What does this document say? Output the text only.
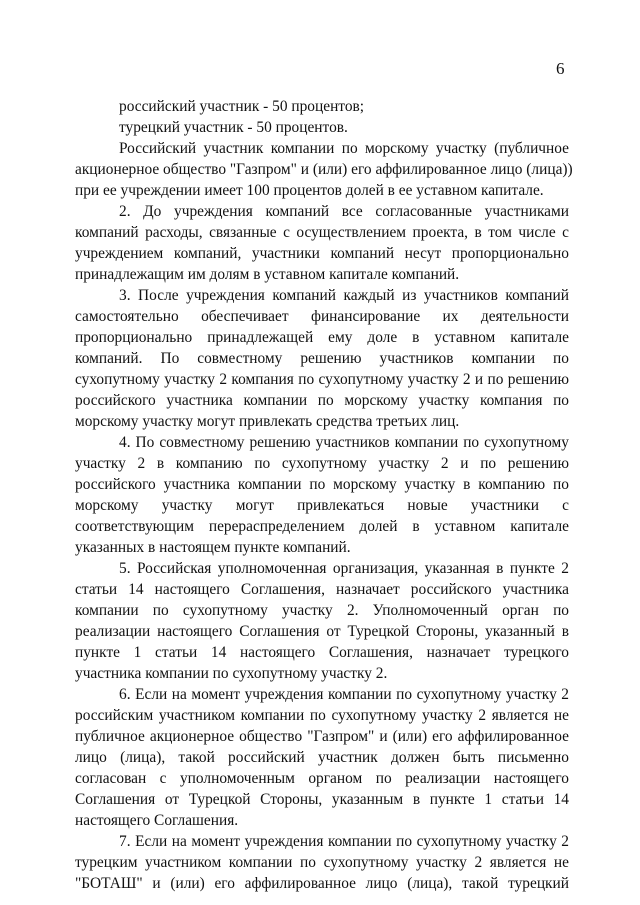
6
российский участник - 50 процентов;
турецкий участник - 50 процентов.
Российский участник компании по морскому участку (публичное
акционерное общество "Газпром" и (или) его аффилированное лицо (лица))
при ее учреждении имеет 100 процентов долей в ее уставном капитале.
2. До учреждения компаний все согласованные участниками
компаний расходы, связанные с осуществлением проекта, в том числе с
учреждением компаний, участники компаний несут пропорционально
принадлежащим им долям в уставном капитале компаний.
3. После учреждения компаний каждый из участников компаний
самостоятельно обеспечивает финансирование их деятельности
пропорционально принадлежащей ему доле в уставном капитале
компаний. По совместному решению участников компании по
сухопутному участку 2 компания по сухопутному участку 2 и по решению
российского участника компании по морскому участку компания по
морскому участку могут привлекать средства третьих лиц.
4. По совместному решению участников компании по сухопутному
участку 2 в компанию по сухопутному участку 2 и по решению
российского участника компании по морскому участку в компанию по
морскому участку могут привлекаться новые участники с
соответствующим перераспределением долей в уставном капитале
указанных в настоящем пункте компаний.
5. Российская уполномоченная организация, указанная в пункте 2
статьи 14 настоящего Соглашения, назначает российского участника
компании по сухопутному участку 2. Уполномоченный орган по
реализации настоящего Соглашения от Турецкой Стороны, указанный в
пункте 1 статьи 14 настоящего Соглашения, назначает турецкого
участника компании по сухопутному участку 2.
6. Если на момент учреждения компании по сухопутному участку 2
российским участником компании по сухопутному участку 2 является не
публичное акционерное общество "Газпром" и (или) его аффилированное
лицо (лица), такой российский участник должен быть письменно
согласован с уполномоченным органом по реализации настоящего
Соглашения от Турецкой Стороны, указанным в пункте 1 статьи 14
настоящего Соглашения.
7. Если на момент учреждения компании по сухопутному участку 2
турецким участником компании по сухопутному участку 2 является не
"БОТАШ" и (или) его аффилированное лицо (лица), такой турецкий
